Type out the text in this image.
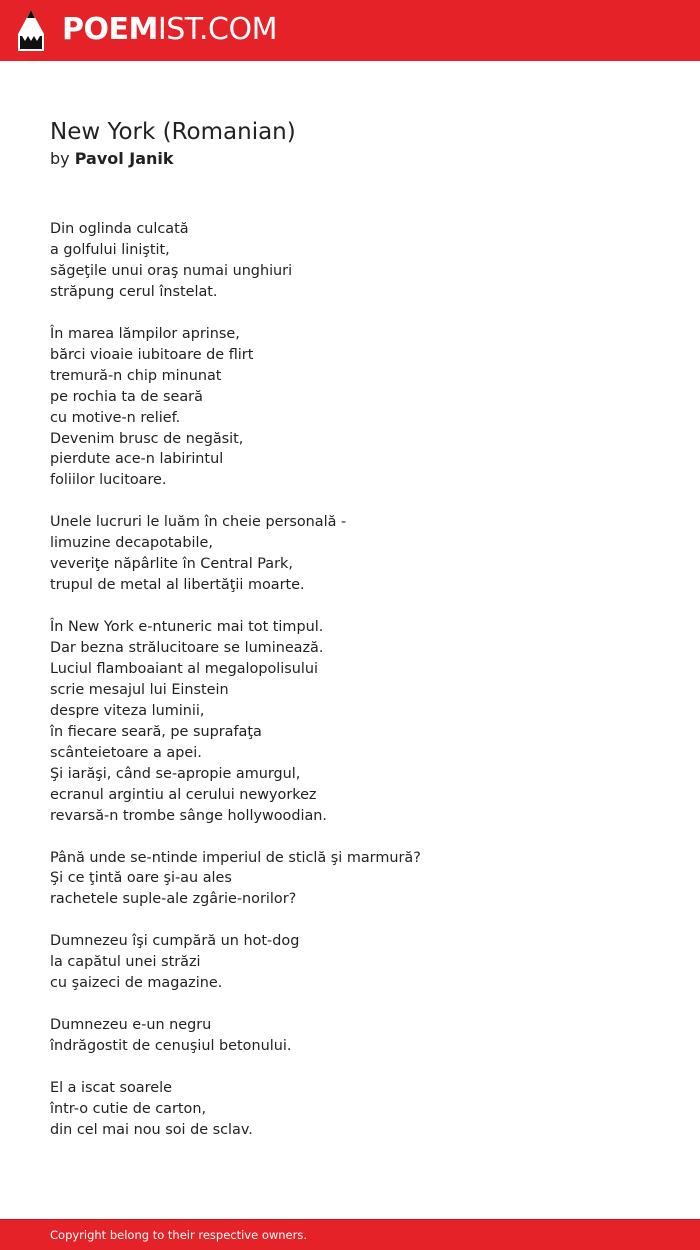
POEMIST.COM
New York (Romanian)
by Pavol Janik
Din oglinda culcată
a golfului liniştit,
săgeţile unui oraş numai unghiuri
străpung cerul înstelat.
În marea lămpilor aprinse,
bărci vioaie iubitoare de flirt
tremură-n chip minunat
pe rochia ta de seară
cu motive-n relief.
Devenim brusc de negăsit,
pierdute ace-n labirintul
foliilor lucitoare.
Unele lucruri le luăm în cheie personală -
limuzine decapotabile,
veveriţe năpârlite în Central Park,
trupul de metal al libertăţii moarte.
În New York e-ntuneric mai tot timpul.
Dar bezna strălucitoare se luminează.
Luciul flamboaiant al megalopolisului
scrie mesajul lui Einstein
despre viteza luminii,
în fiecare seară, pe suprafaţa
scânteietoare a apei.
Şi iarăşi, când se-apropie amurgul,
ecranul argintiu al cerului newyorkez
revarsă-n trombe sânge hollywoodian.
Până unde se-ntinde imperiul de sticlă şi marmură?
Şi ce ţintă oare şi-au ales
rachetele suple-ale zgârie-norilor?
Dumnezeu îşi cumpără un hot-dog
la capătul unei străzi
cu şaizeci de magazine.
Dumnezeu e-un negru
îndrăgostit de cenuşiul betonului.
El a iscat soarele
într-o cutie de carton,
din cel mai nou soi de sclav.
Copyright belong to their respective owners.
